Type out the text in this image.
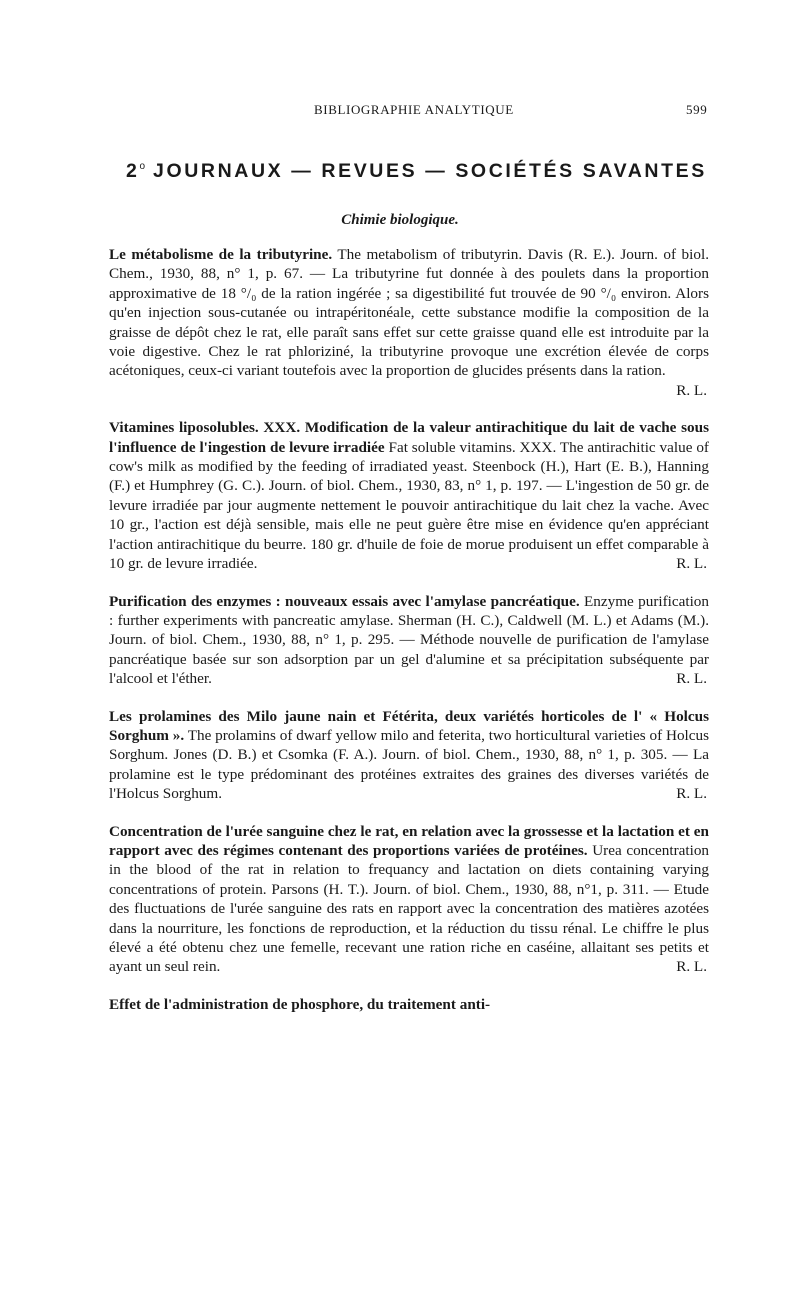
BIBLIOGRAPHIE ANALYTIQUE	599
2$^o$ JOURNAUX — REVUES — SOCIÉTÉS SAVANTES
Chimie biologique.
Le métabolisme de la tributyrine. The metabolism of tributyrin. Davis (R. E.). Journ. of biol. Chem., 1930, 88, n° 1, p. 67. — La tributyrine fut donnée à des poulets dans la proportion approximative de 18 °/₀ de la ration ingérée ; sa digestibilité fut trouvée de 90 °/₀ environ. Alors qu'en injection sous-cutanée ou intrapéritonéale, cette substance modifie la composition de la graisse de dépôt chez le rat, elle paraît sans effet sur cette graisse quand elle est introduite par la voie digestive. Chez le rat phloriziné, la tributyrine provoque une excrétion élevée de corps acétoniques, ceux-ci variant toutefois avec la proportion de glucides présents dans la ration.
R. L.
Vitamines liposolubles. XXX. Modification de la valeur antirachitique du lait de vache sous l'influence de l'ingestion de levure irradiée Fat soluble vitamins. XXX. The antirachitic value of cow's milk as modified by the feeding of irradiated yeast. Steenbock (H.), Hart (E. B.), Hanning (F.) et Humphrey (G. C.). Journ. of biol. Chem., 1930, 83, n° 1, p. 197. — L'ingestion de 50 gr. de levure irradiée par jour augmente nettement le pouvoir antirachitique du lait chez la vache. Avec 10 gr., l'action est déjà sensible, mais elle ne peut guère être mise en évidence qu'en appréciant l'action antirachitique du beurre. 180 gr. d'huile de foie de morue produisent un effet comparable à 10 gr. de levure irradiée.	R. L.
Purification des enzymes : nouveaux essais avec l'amylase pancréatique. Enzyme purification : further experiments with pancreatic amylase. Sherman (H. C.), Caldwell (M. L.) et Adams (M.). Journ. of biol. Chem., 1930, 88, n° 1, p. 295. — Méthode nouvelle de purification de l'amylase pancréatique basée sur son adsorption par un gel d'alumine et sa précipitation subséquente par l'alcool et l'éther.	R. L.
Les prolamines des Milo jaune nain et Fétérita, deux variétés horticoles de l' « Holcus Sorghum ». The prolamins of dwarf yellow milo and feterita, two horticultural varieties of Holcus Sorghum. Jones (D. B.) et Csomka (F. A.). Journ. of biol. Chem., 1930, 88, n° 1, p. 305. — La prolamine est le type prédominant des protéines extraites des graines des diverses variétés de l'Holcus Sorghum.	R. L.
Concentration de l'urée sanguine chez le rat, en relation avec la grossesse et la lactation et en rapport avec des régimes contenant des proportions variées de protéines. Urea concentration in the blood of the rat in relation to frequancy and lactation on diets containing varying concentrations of protein. Parsons (H. T.). Journ. of biol. Chem., 1930, 88, n°1, p. 311. — Etude des fluctuations de l'urée sanguine des rats en rapport avec la concentration des matières azotées dans la nourriture, les fonctions de reproduction, et la réduction du tissu rénal. Le chiffre le plus élevé a été obtenu chez une femelle, recevant une ration riche en caséine, allaitant ses petits et ayant un seul rein.	R. L.
Effet de l'administration de phosphore, du traitement anti-
